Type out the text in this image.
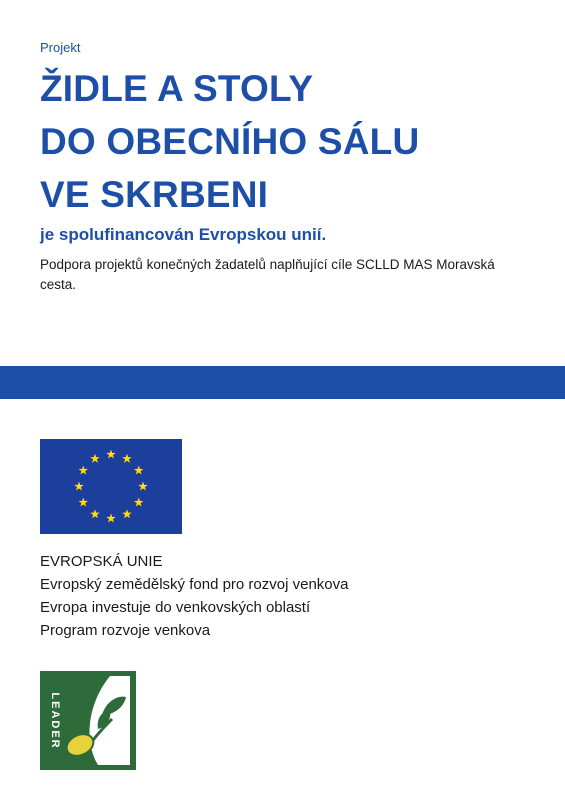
Projekt
ŽIDLE A STOLY
DO OBECNÍHO SÁLU
VE SKRBENI
je spolufinancován Evropskou unií.
Podpora projektů konečných žadatelů naplňující cíle SCLLD MAS Moravská cesta.
EVROPSKÁ UNIE
Evropský zemědělský fond pro rozvoj venkova
Evropa investuje do venkovských oblastí
Program rozvoje venkova
LEADER
